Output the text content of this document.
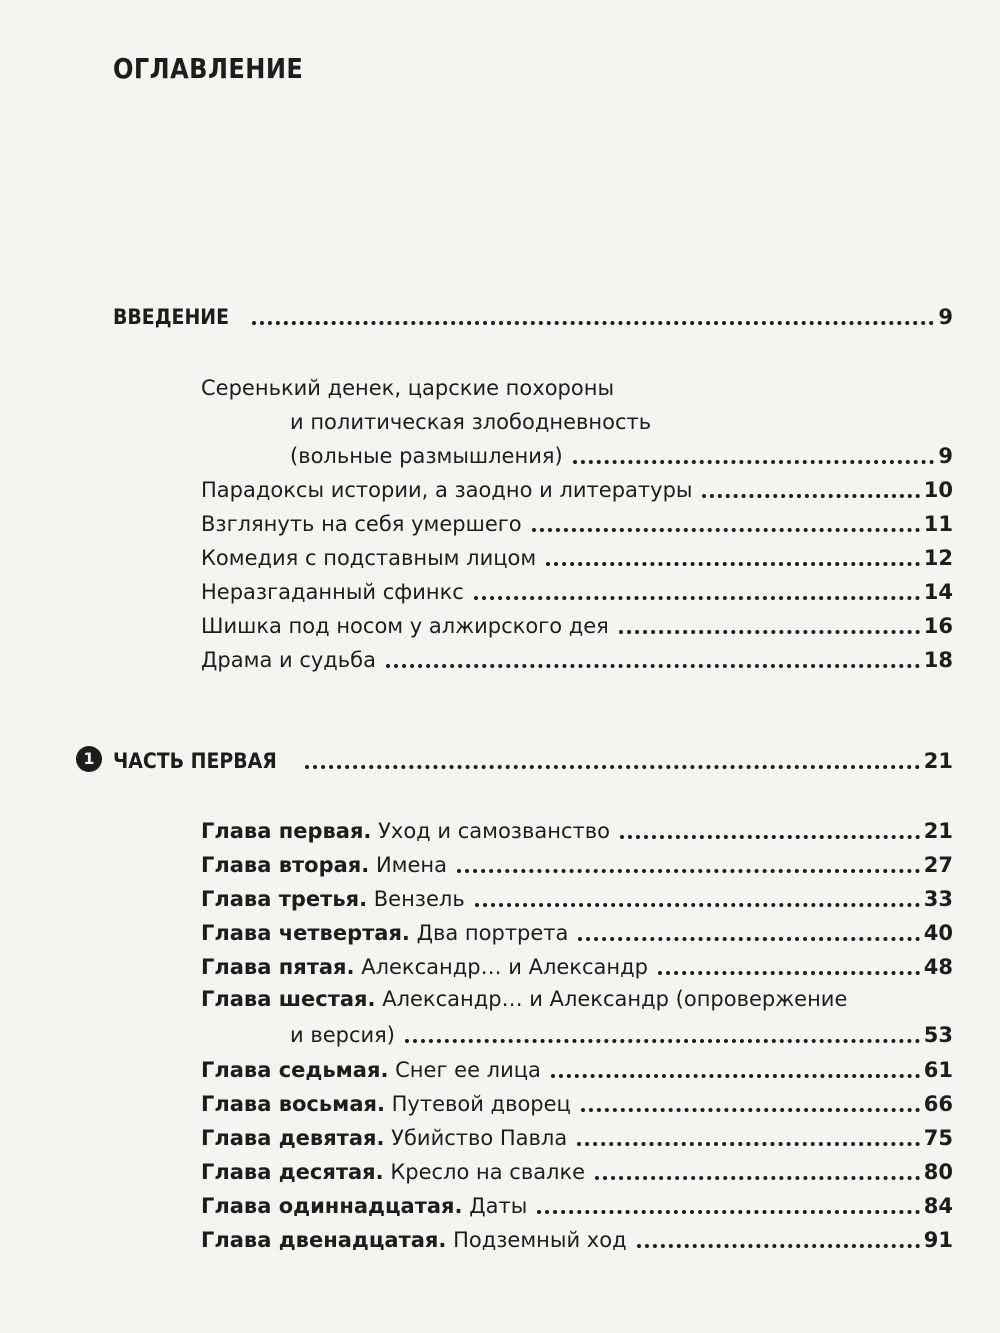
ОГЛАВЛЕНИЕ
ВВЕДЕНИЕ	9
Серенький денек, царские похороны
и политическая злободневность
(вольные размышления)	9
Парадоксы истории, а заодно и литературы	10
Взглянуть на себя умершего	11
Комедия с подставным лицом	12
Неразгаданный сфинкс	14
Шишка под носом у алжирского дея	16
Драма и судьба	18
1 ЧАСТЬ ПЕРВАЯ	21
Глава первая. Уход и самозванство	21
Глава вторая. Имена	27
Глава третья. Вензель	33
Глава четвертая. Два портрета	40
Глава пятая. Александр… и Александр	48
Глава шестая. Александр… и Александр (опровержение
и версия)	53
Глава седьмая. Снег ее лица	61
Глава восьмая. Путевой дворец	66
Глава девятая. Убийство Павла	75
Глава десятая. Кресло на свалке	80
Глава одиннадцатая. Даты	84
Глава двенадцатая. Подземный ход	91
